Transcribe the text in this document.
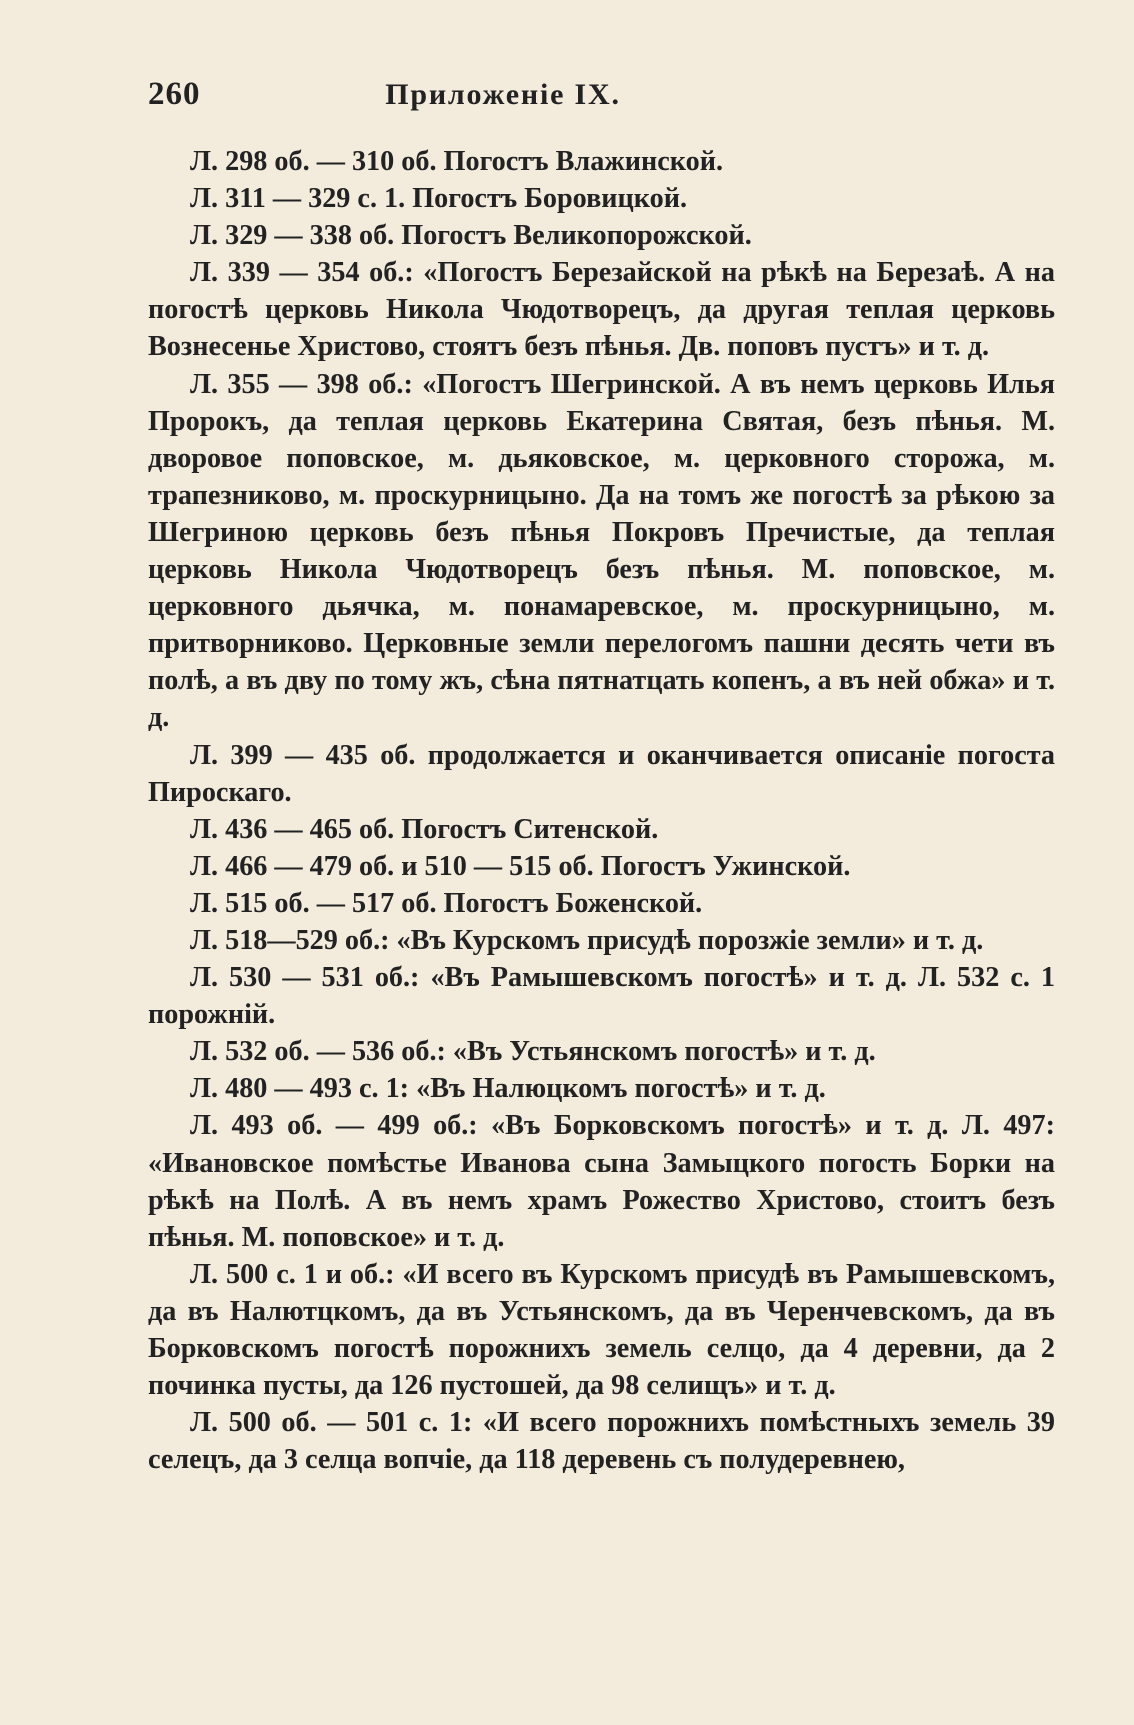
260	Приложеніе IX.

Л. 298 об. — 310 об. Погостъ Влажинской.

Л. 311 — 329 с. 1. Погостъ Боровицкой.

Л. 329 — 338 об. Погостъ Великопорожской.

Л. 339 — 354 об.: «Погостъ Березайской на рѣкѣ на Березаѣ. А на погостѣ церковь Никола Чюдотворецъ, да другая теплая церковь Вознесенье Христово, стоятъ безъ пѣнья. Дв. поповъ пустъ» и т. д.

Л. 355 — 398 об.: «Погостъ Шегринской. А въ немъ церковь Илья Пророкъ, да теплая церковь Екатерина Святая, безъ пѣнья. М. дворовое поповское, м. дьяковское, м. церковного сторожа, м. трапезниково, м. проскурницыно. Да на томъ же погостѣ за рѣкою за Шегриною церковь безъ пѣнья Покровъ Пречистые, да теплая церковь Никола Чюдотворецъ безъ пѣнья. М. поповское, м. церковного дьячка, м. понамаревское, м. проскурницыно, м. притворниково. Церковные земли перелогомъ пашни десять чети въ полѣ, а въ дву по тому жъ, сѣна пятнатцать копенъ, а въ ней обжа» и т. д.

Л. 399 — 435 об. продолжается и оканчивается описаніе погоста Пироскаго.

Л. 436 — 465 об. Погостъ Ситенской.

Л. 466 — 479 об. и 510 — 515 об. Погостъ Ужинской.

Л. 515 об. — 517 об. Погостъ Боженской.

Л. 518—529 об.: «Въ Курскомъ присудѣ порозжіе земли» и т. д.

Л. 530 — 531 об.: «Въ Рамышевскомъ погостѣ» и т. д. Л. 532 с. 1 порожній.

Л. 532 об. — 536 об.: «Въ Устьянскомъ погостѣ» и т. д.

Л. 480 — 493 с. 1: «Въ Налюцкомъ погостѣ» и т. д.

Л. 493 об. — 499 об.: «Въ Борковскомъ погостѣ» и т. д. Л. 497: «Ивановское помѣстье Иванова сына Замыцкого погость Борки на рѣкѣ на Полѣ. А въ немъ храмъ Рожество Христово, стоитъ безъ пѣнья. М. поповское» и т. д.

Л. 500 с. 1 и об.: «И всего въ Курскомъ присудѣ въ Рамышевскомъ, да въ Налютцкомъ, да въ Устьянскомъ, да въ Черенчевскомъ, да въ Борковскомъ погостѣ порожнихъ земель селцо, да 4 деревни, да 2 починка пусты, да 126 пустошей, да 98 селищъ» и т. д.

Л. 500 об. — 501 с. 1: «И всего порожнихъ помѣстныхъ земель 39 селецъ, да 3 селца вопчіе, да 118 деревень съ полудеревнею,
